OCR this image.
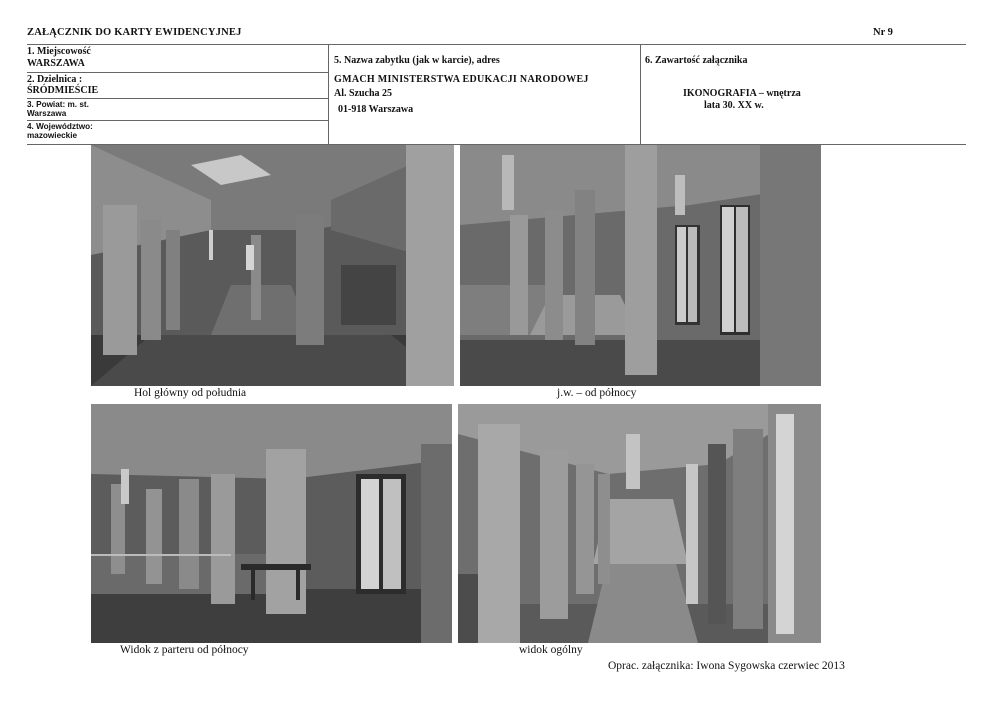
ZAŁĄCZNIK DO KARTY EWIDENCYJNEJ	Nr 9
1. Miejscowość
WARSZAWA
2. Dzielnica :
ŚRÓDMIEŚCIE
3. Powiat: m. st.
Warszawa
4. Województwo:
mazowieckie
5. Nazwa zabytku (jak w karcie), adres
GMACH MINISTERSTWA EDUKACJI NARODOWEJ
Al. Szucha 25
01-918 Warszawa
6. Zawartość załącznika
IKONOGRAFIA – wnętrza
lata 30. XX w.
Hol główny od południa	j.w. – od północy
Widok z parteru od północy	widok ogólny
Oprac. załącznika: Iwona Sygowska czerwiec 2013
